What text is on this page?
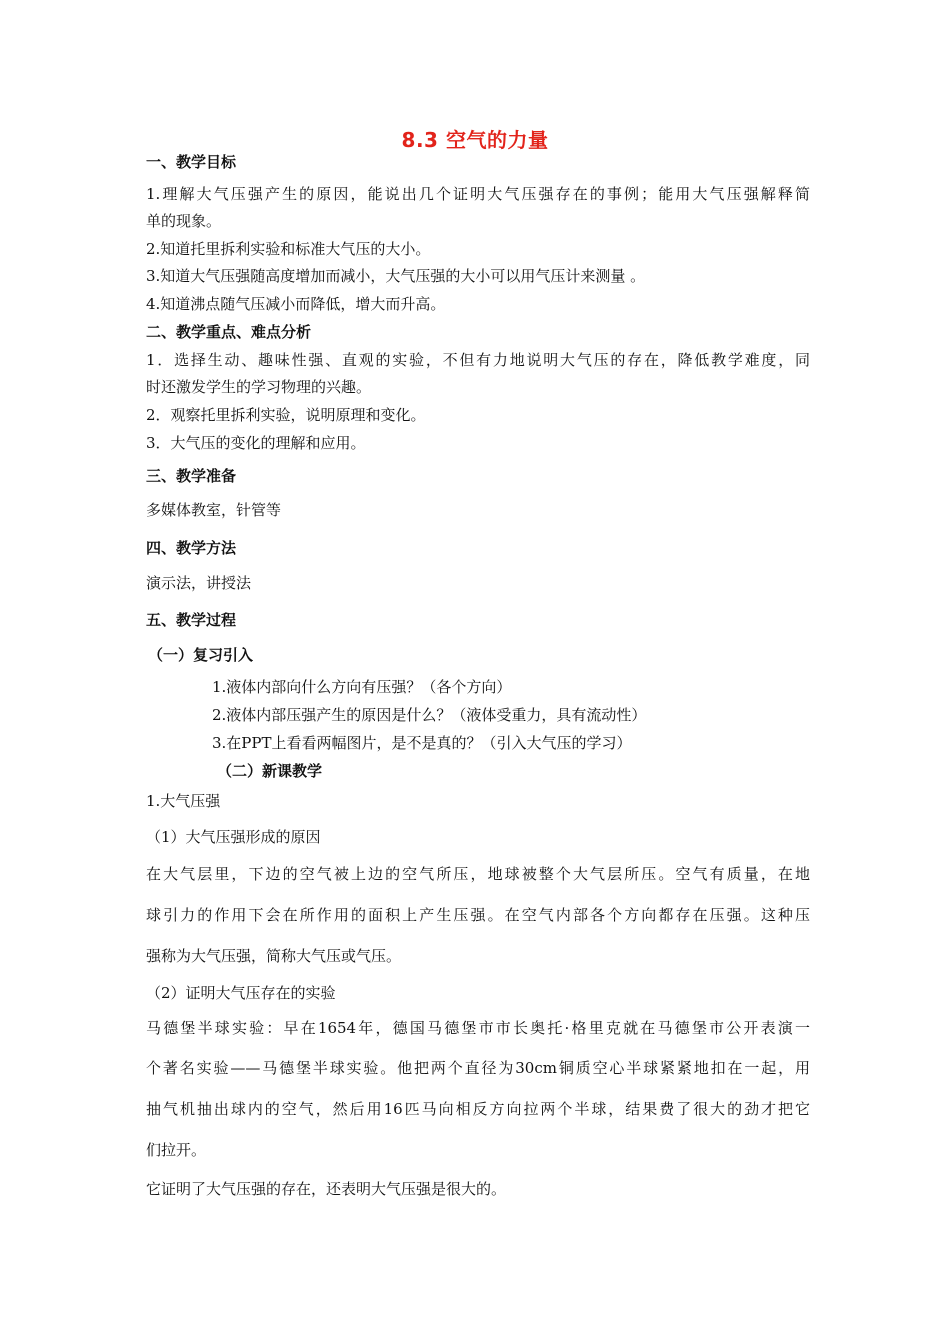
8.3 空气的力量
一、教学目标
1.理解大气压强产生的原因，能说出几个证明大气压强存在的事例；能用大气压强解释简
单的现象。
2.知道托里拆利实验和标准大气压的大小。
3.知道大气压强随高度增加而减小，大气压强的大小可以用气压计来测量 。
4.知道沸点随气压减小而降低，增大而升高。
二、教学重点、难点分析
1．选择生动、趣味性强、直观的实验，不但有力地说明大气压的存在，降低教学难度，同
时还激发学生的学习物理的兴趣。
2．观察托里拆利实验，说明原理和变化。
3．大气压的变化的理解和应用。
三、教学准备
多媒体教室，针管等
四、教学方法
演示法，讲授法
五、教学过程
（一）复习引入
1.液体内部向什么方向有压强？（各个方向）
2.液体内部压强产生的原因是什么？（液体受重力，具有流动性）
3.在PPT上看看两幅图片，是不是真的？（引入大气压的学习）
（二）新课教学
1.大气压强
（1）大气压强形成的原因
在大气层里，下边的空气被上边的空气所压，地球被整个大气层所压。空气有质量，在地
球引力的作用下会在所作用的面积上产生压强。在空气内部各个方向都存在压强。这种压
强称为大气压强，简称大气压或气压。
（2）证明大气压存在的实验
马德堡半球实验：早在1654年，德国马德堡市市长奥托·格里克就在马德堡市公开表演一
个著名实验——马德堡半球实验。他把两个直径为30cm铜质空心半球紧紧地扣在一起，用
抽气机抽出球内的空气，然后用16匹马向相反方向拉两个半球，结果费了很大的劲才把它
们拉开。
它证明了大气压强的存在，还表明大气压强是很大的。
